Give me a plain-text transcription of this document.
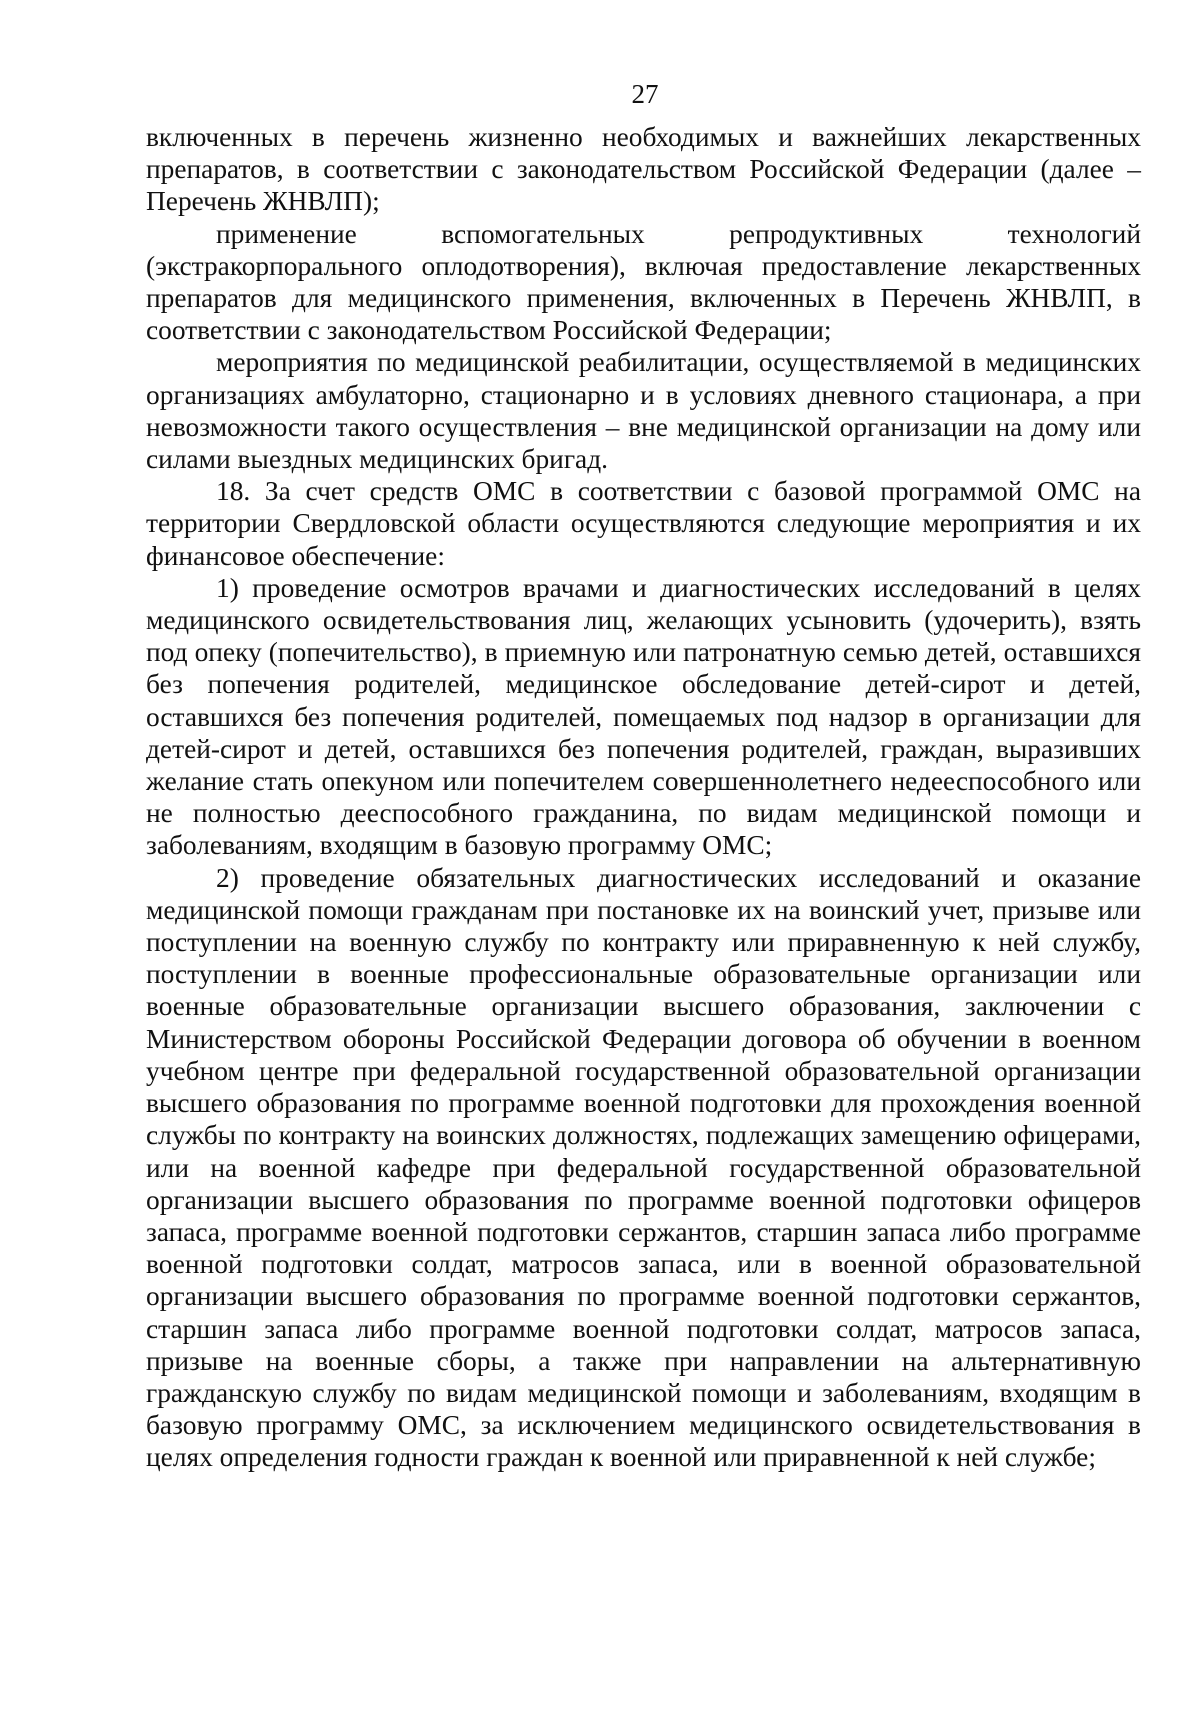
27

включенных в перечень жизненно необходимых и важнейших лекарственных препаратов, в соответствии с законодательством Российской Федерации (далее – Перечень ЖНВЛП);

применение вспомогательных репродуктивных технологий (экстракорпорального оплодотворения), включая предоставление лекарственных препаратов для медицинского применения, включенных в Перечень ЖНВЛП, в соответствии с законодательством Российской Федерации;

мероприятия по медицинской реабилитации, осуществляемой в медицинских организациях амбулаторно, стационарно и в условиях дневного стационара, а при невозможности такого осуществления – вне медицинской организации на дому или силами выездных медицинских бригад.

18. За счет средств ОМС в соответствии с базовой программой ОМС на территории Свердловской области осуществляются следующие мероприятия и их финансовое обеспечение:

1) проведение осмотров врачами и диагностических исследований в целях медицинского освидетельствования лиц, желающих усыновить (удочерить), взять под опеку (попечительство), в приемную или патронатную семью детей, оставшихся без попечения родителей, медицинское обследование детей-сирот и детей, оставшихся без попечения родителей, помещаемых под надзор в организации для детей-сирот и детей, оставшихся без попечения родителей, граждан, выразивших желание стать опекуном или попечителем совершеннолетнего недееспособного или не полностью дееспособного гражданина, по видам медицинской помощи и заболеваниям, входящим в базовую программу ОМС;

2) проведение обязательных диагностических исследований и оказание медицинской помощи гражданам при постановке их на воинский учет, призыве или поступлении на военную службу по контракту или приравненную к ней службу, поступлении в военные профессиональные образовательные организации или военные образовательные организации высшего образования, заключении с Министерством обороны Российской Федерации договора об обучении в военном учебном центре при федеральной государственной образовательной организации высшего образования по программе военной подготовки для прохождения военной службы по контракту на воинских должностях, подлежащих замещению офицерами, или на военной кафедре при федеральной государственной образовательной организации высшего образования по программе военной подготовки офицеров запаса, программе военной подготовки сержантов, старшин запаса либо программе военной подготовки солдат, матросов запаса, или в военной образовательной организации высшего образования по программе военной подготовки сержантов, старшин запаса либо программе военной подготовки солдат, матросов запаса, призыве на военные сборы, а также при направлении на альтернативную гражданскую службу по видам медицинской помощи и заболеваниям, входящим в базовую программу ОМС, за исключением медицинского освидетельствования в целях определения годности граждан к военной или приравненной к ней службе;
